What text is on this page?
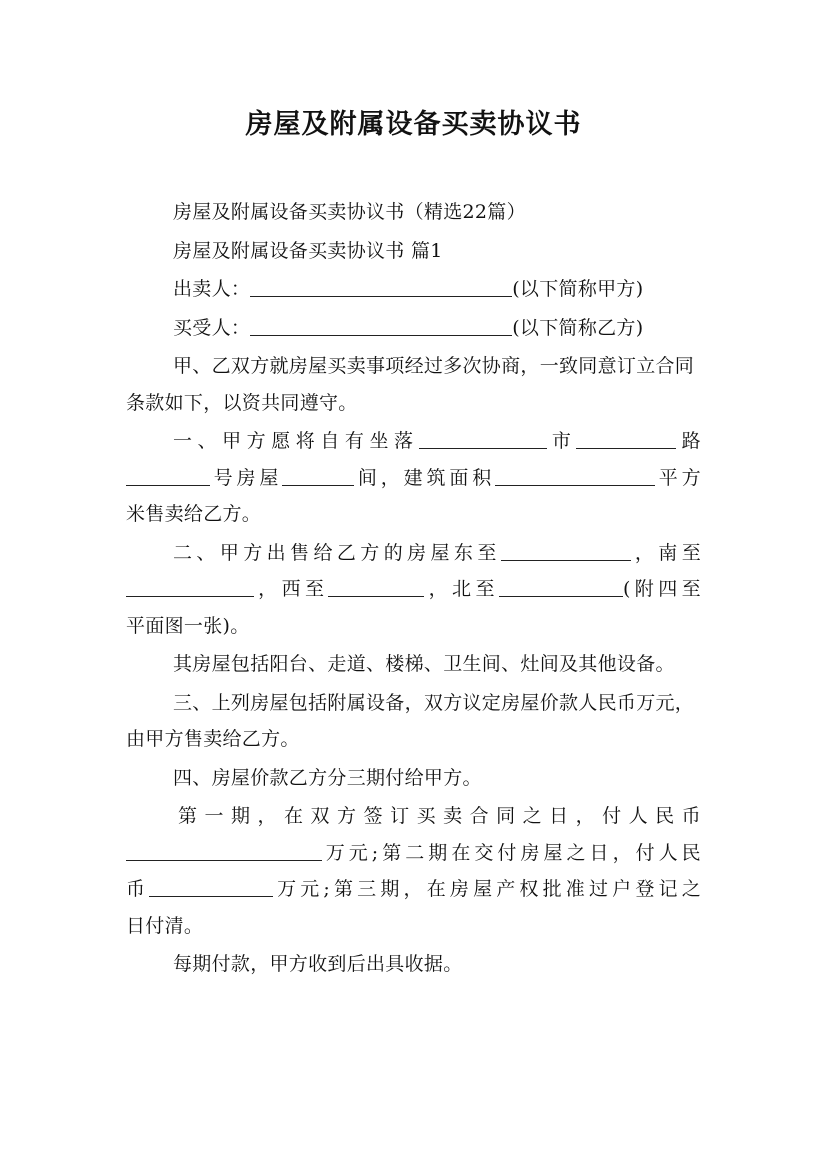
房屋及附属设备买卖协议书
房屋及附属设备买卖协议书（精选22篇）
房屋及附属设备买卖协议书 篇1
出卖人：	(以下简称甲方)
买受人：	(以下简称乙方)
甲、乙双方就房屋买卖事项经过多次协商，一致同意订立合同条款如下，以资共同遵守。
一、甲方愿将自有坐落	市	路
号房屋	间，建筑面积	平方
米售卖给乙方。
二、甲方出售给乙方的房屋东至	，南至
，西至	，北至	(附四至
平面图一张)。
其房屋包括阳台、走道、楼梯、卫生间、灶间及其他设备。
三、上列房屋包括附属设备，双方议定房屋价款人民币万元，由甲方售卖给乙方。
四、房屋价款乙方分三期付给甲方。
第一期，在双方签订买卖合同之日，付人民币
万元;第二期在交付房屋之日，付人民
币	万元;第三期，在房屋产权批准过户登记之
日付清。
每期付款，甲方收到后出具收据。
